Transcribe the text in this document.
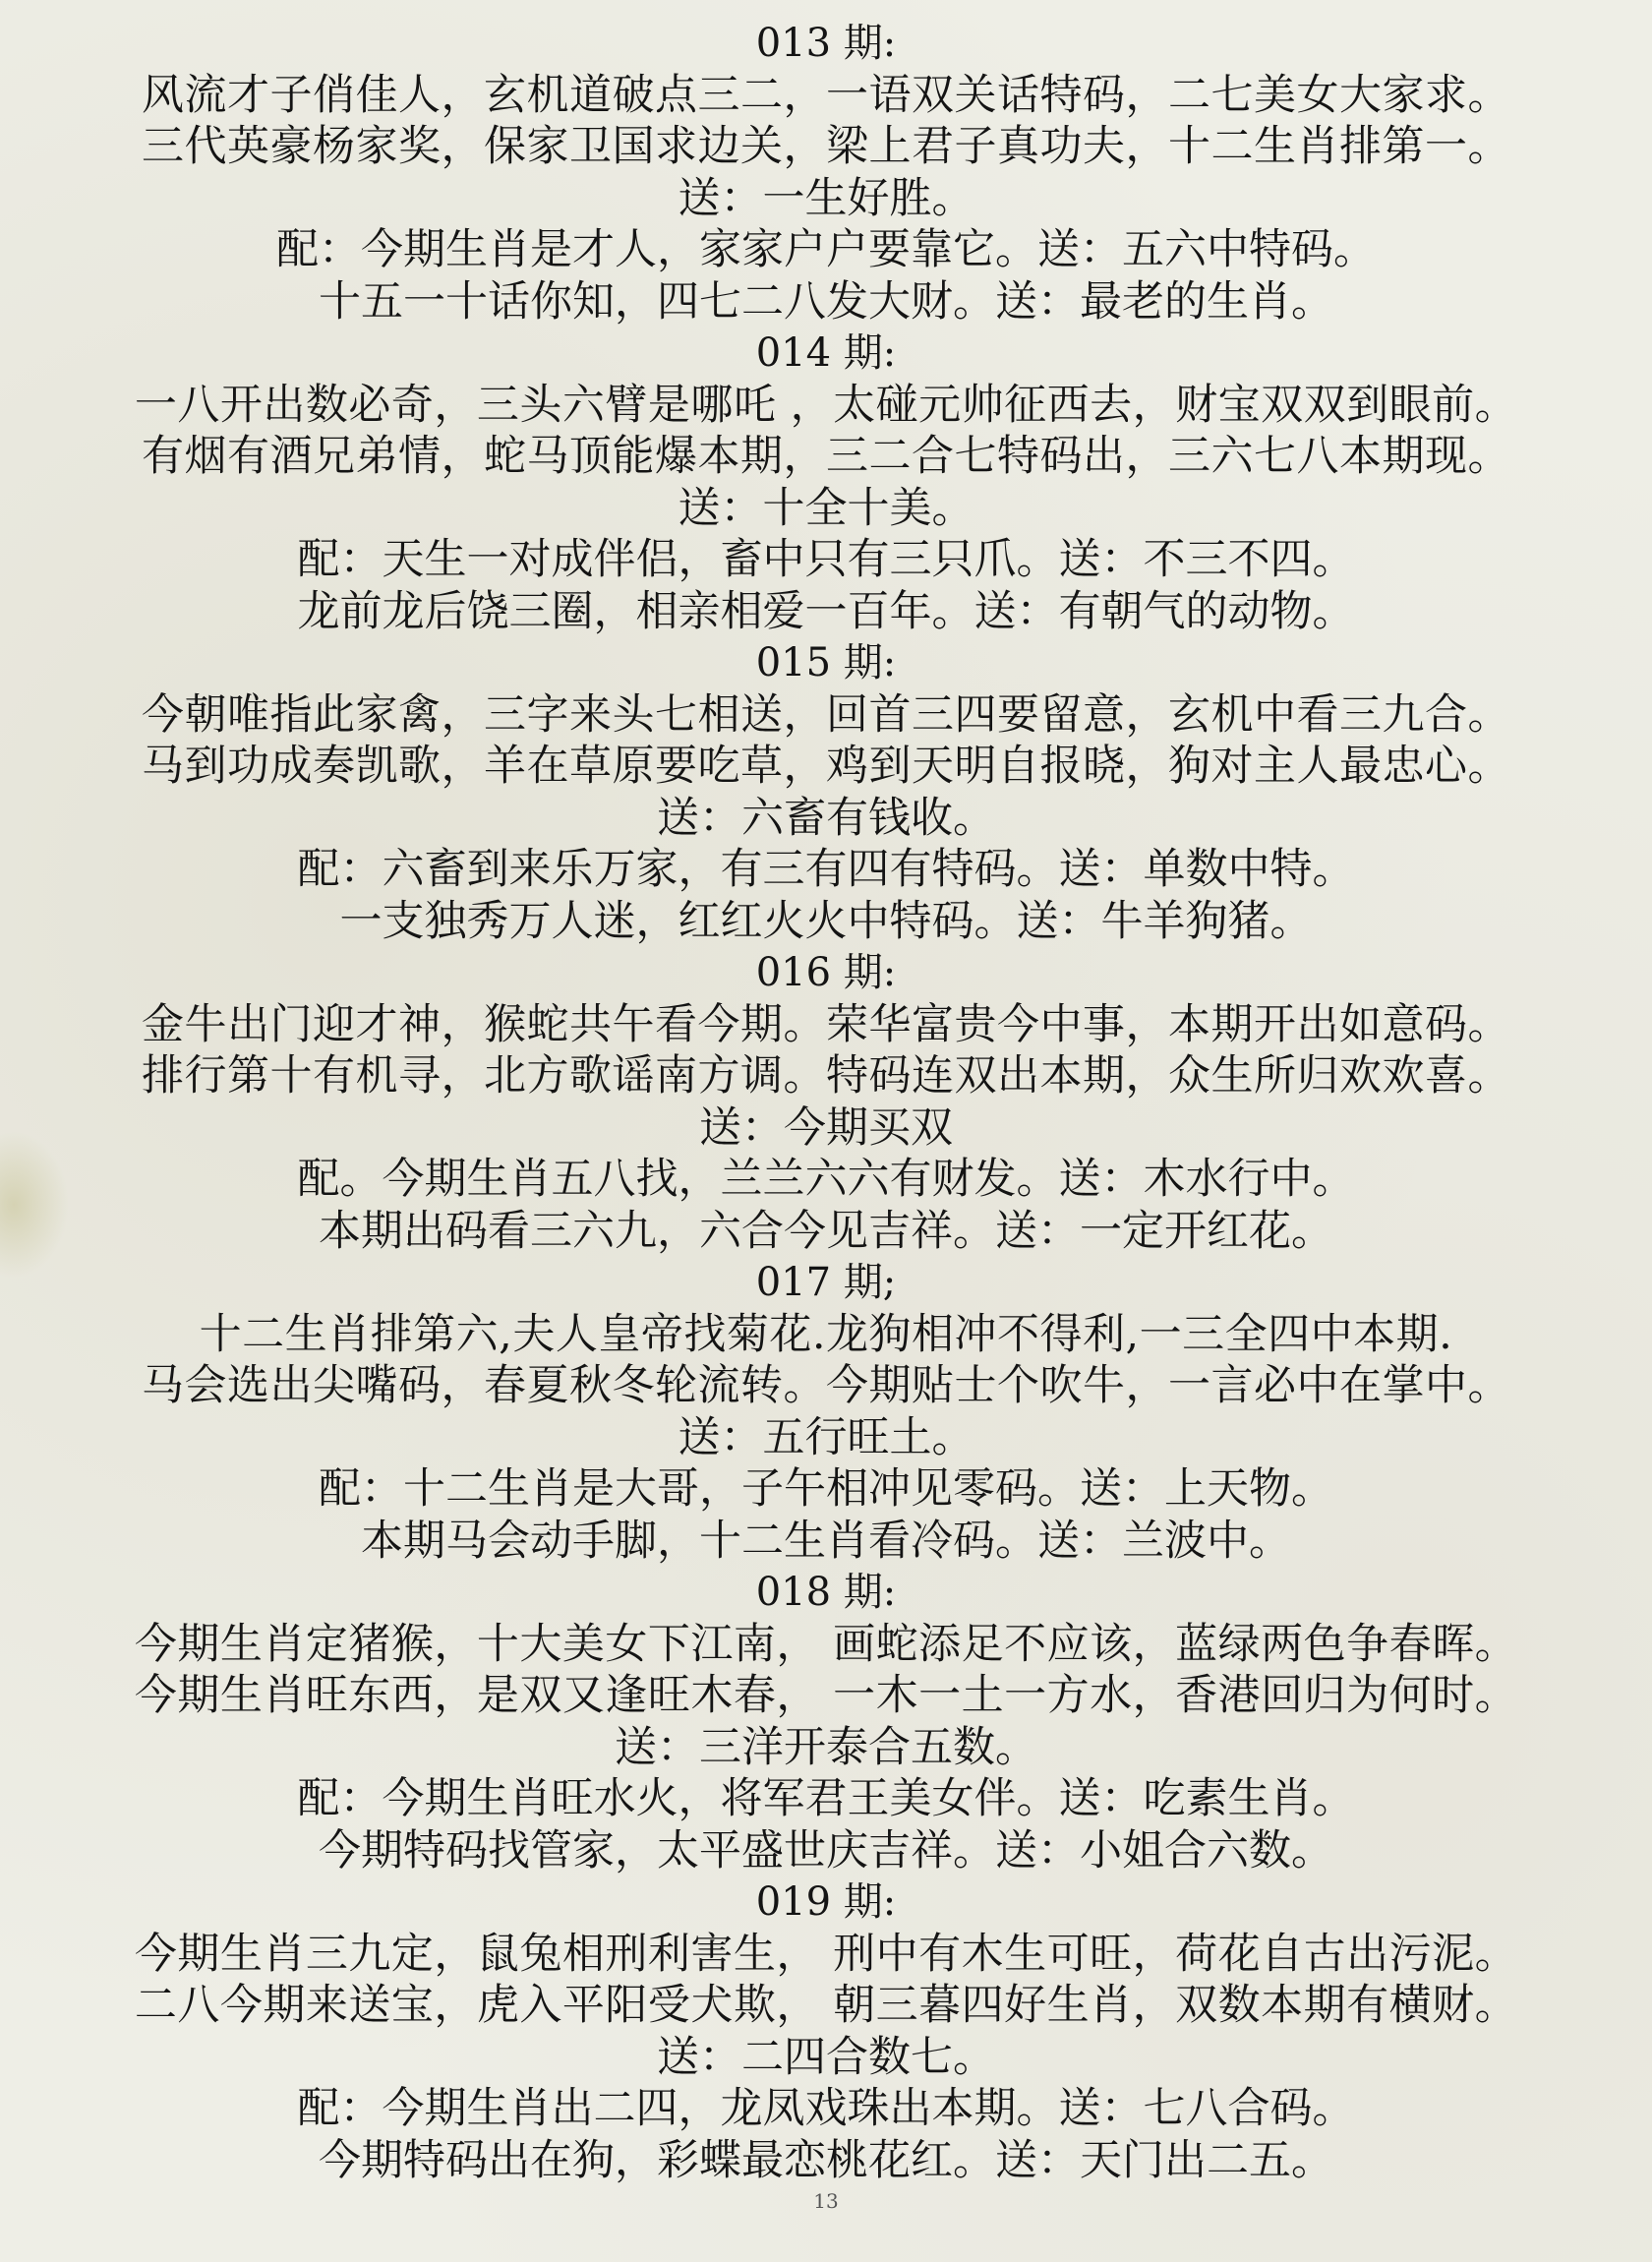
013 期:
风流才子俏佳人，玄机道破点三二，一语双关话特码，二七美女大家求。
三代英豪杨家奖，保家卫国求边关，梁上君子真功夫，十二生肖排第一。
送：一生好胜。
配：今期生肖是才人，家家户户要靠它。送：五六中特码。
十五一十话你知，四七二八发大财。送：最老的生肖。
014 期:
一八开出数必奇，三头六臂是哪吒 ，太碰元帅征西去，财宝双双到眼前。
有烟有酒兄弟情，蛇马顶能爆本期，三二合七特码出，三六七八本期现。
送：十全十美。
配：天生一对成伴侣，畜中只有三只爪。送：不三不四。
龙前龙后饶三圈，相亲相爱一百年。送：有朝气的动物。
015 期:
今朝唯指此家禽，三字来头七相送，回首三四要留意，玄机中看三九合。
马到功成奏凯歌，羊在草原要吃草，鸡到天明自报晓，狗对主人最忠心。
送：六畜有钱收。
配：六畜到来乐万家，有三有四有特码。送：单数中特。
一支独秀万人迷，红红火火中特码。送：牛羊狗猪。
016 期:
金牛出门迎才神，猴蛇共午看今期。荣华富贵今中事，本期开出如意码。
排行第十有机寻，北方歌谣南方调。特码连双出本期，众生所归欢欢喜。
送：今期买双
配。今期生肖五八找，兰兰六六有财发。送：木水行中。
本期出码看三六九，六合今见吉祥。送：一定开红花。
017 期;
十二生肖排第六,夫人皇帝找菊花.龙狗相冲不得利,一三全四中本期.
马会选出尖嘴码，春夏秋冬轮流转。今期贴士个吹牛，一言必中在掌中。
送：五行旺土。
配：十二生肖是大哥，子午相冲见零码。送：上天物。
本期马会动手脚，十二生肖看冷码。送：兰波中。
018 期:
今期生肖定猪猴，十大美女下江南， 画蛇添足不应该，蓝绿两色争春晖。
今期生肖旺东西，是双又逢旺木春， 一木一土一方水，香港回归为何时。
送：三洋开泰合五数。
配：今期生肖旺水火，将军君王美女伴。送：吃素生肖。
今期特码找管家，太平盛世庆吉祥。送：小姐合六数。
019 期:
今期生肖三九定，鼠兔相刑利害生， 刑中有木生可旺，荷花自古出污泥。
二八今期来送宝，虎入平阳受犬欺， 朝三暮四好生肖，双数本期有横财。
送：二四合数七。
配：今期生肖出二四，龙凤戏珠出本期。送：七八合码。
今期特码出在狗，彩蝶最恋桃花红。送：天门出二五。
13
